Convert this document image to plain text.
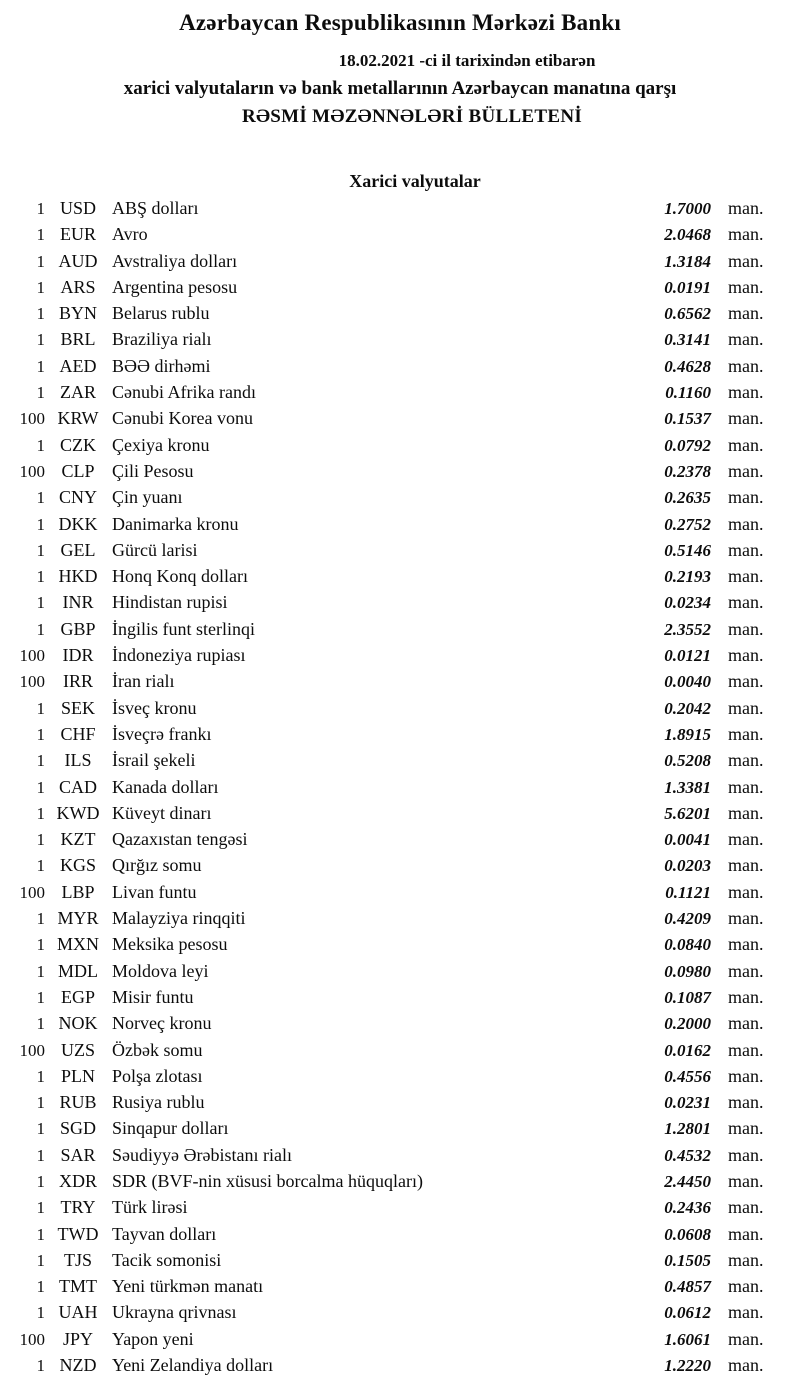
Azərbaycan Respublikasının Mərkəzi Bankı
18.02.2021 -ci il tarixindən etibarən
xarici valyutaların və bank metallarının Azərbaycan manatına qarşı
RƏSMİ MƏZƏNNƏLƏRİ BÜLLETENİ
Xarici valyutalar
1 USD ABŞ dolları	1.7000 man.
1 EUR Avro	2.0468 man.
1 AUD Avstraliya dolları	1.3184 man.
1 ARS Argentina pesosu	0.0191 man.
1 BYN Belarus rublu	0.6562 man.
1 BRL Braziliya rialı	0.3141 man.
1 AED BƏƏ dirhəmi	0.4628 man.
1 ZAR Cənubi Afrika randı	0.1160 man.
100 KRW Cənubi Korea vonu	0.1537 man.
1 CZK Çexiya kronu	0.0792 man.
100 CLP Çili Pesosu	0.2378 man.
1 CNY Çin yuanı	0.2635 man.
1 DKK Danimarka kronu	0.2752 man.
1 GEL Gürcü larisi	0.5146 man.
1 HKD Honq Konq dolları	0.2193 man.
1 INR	Hindistan rupisi	0.0234 man.
1 GBP İngilis funt sterlinqi	2.3552 man.
100 IDR	İndoneziya rupiası	0.0121 man.
100 IRR	İran rialı	0.0040 man.
1 SEK İsveç kronu	0.2042 man.
1 CHF İsveçrə frankı	1.8915 man.
1	ILS	İsrail şekeli	0.5208 man.
1 CAD Kanada dolları	1.3381 man.
1 KWD Küveyt dinarı	5.6201 man.
1 KZT Qazaxıstan tengəsi	0.0041 man.
1 KGS Qırğız somu	0.0203 man.
100 LBP Livan funtu	0.1121 man.
1 MYR Malayziya rinqqiti	0.4209 man.
1 MXN Meksika pesosu	0.0840 man.
1 MDL Moldova leyi	0.0980 man.
1 EGP Misir funtu	0.1087 man.
1 NOK Norveç kronu	0.2000 man.
100 UZS Özbək somu	0.0162 man.
1 PLN Polşa zlotası	0.4556 man.
1 RUB Rusiya rublu	0.0231 man.
1 SGD Sinqapur dolları	1.2801 man.
1 SAR Səudiyyə Ərəbistanı rialı	0.4532 man.
1 XDR SDR (BVF-nin xüsusi borcalma hüquqları)	2.4450 man.
1 TRY Türk lirəsi	0.2436 man.
1 TWD Tayvan dolları	0.0608 man.
1	TJS	Tacik somonisi	0.1505 man.
1 TMT Yeni türkmən manatı	0.4857 man.
1 UAH Ukrayna qrivnası	0.0612 man.
100 JPY	Yapon yeni	1.6061 man.
1 NZD Yeni Zelandiya dolları	1.2220 man.
